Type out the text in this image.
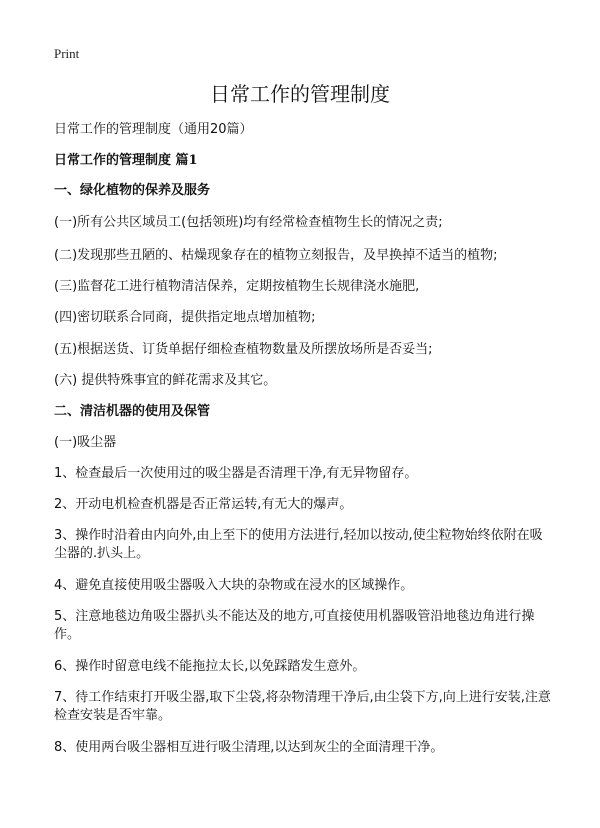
Print
日常工作的管理制度
日常工作的管理制度（通用20篇）
日常工作的管理制度 篇1
一、绿化植物的保养及服务
(一)所有公共区域员工(包括领班)均有经常检查植物生长的情况之责;
(二)发现那些丑陋的、枯燥现象存在的植物立刻报告，及早换掉不适当的植物;
(三)监督花工进行植物清洁保养，定期按植物生长规律浇水施肥,
(四)密切联系合同商，提供指定地点增加植物;
(五)根据送货、订货单据仔细检查植物数量及所摆放场所是否妥当;
(六) 提供特殊事宜的鲜花需求及其它。
二、清洁机器的使用及保管
(一)吸尘器
1、检查最后一次使用过的吸尘器是否清理干净,有无异物留存。
2、开动电机检查机器是否正常运转,有无大的爆声。
3、操作时沿着由内向外,由上至下的使用方法进行,轻加以按动,使尘粒物始终依附在吸尘器的.扒头上。
4、避免直接使用吸尘器吸入大块的杂物或在浸水的区域操作。
5、注意地毯边角吸尘器扒头不能达及的地方,可直接使用机器吸管沿地毯边角进行操作。
6、操作时留意电线不能拖拉太长,以免踩踏发生意外。
7、待工作结束打开吸尘器,取下尘袋,将杂物清理干净后,由尘袋下方,向上进行安装,注意检查安装是否牢靠。
8、使用两台吸尘器相互进行吸尘清理,以达到灰尘的全面清理干净。
